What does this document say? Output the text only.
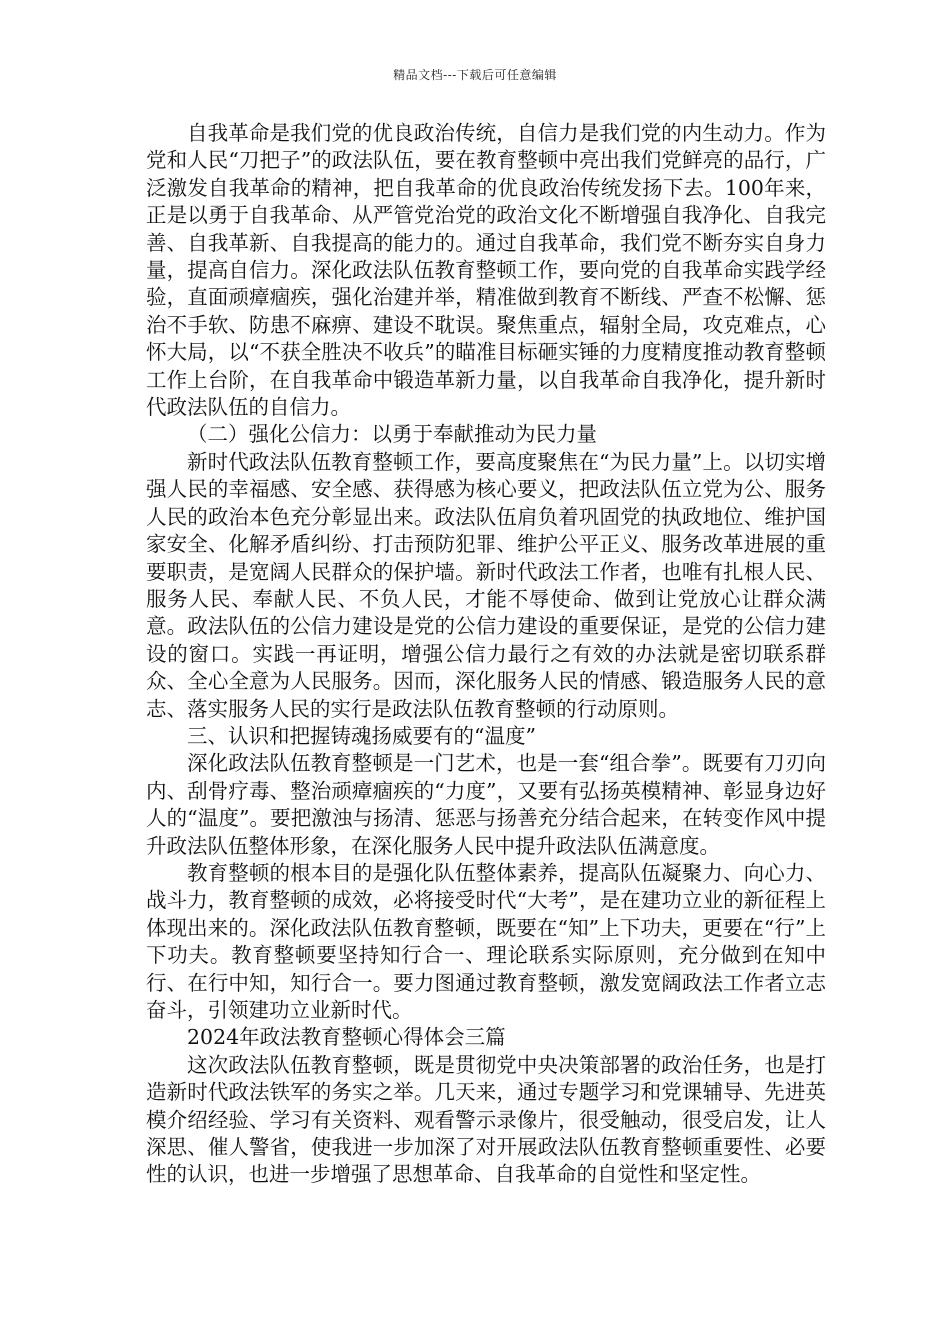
精品文档---下载后可任意编辑

自我革命是我们党的优良政治传统，自信力是我们党的内生动力。作为党和人民“刀把子”的政法队伍，要在教育整顿中亮出我们党鲜亮的品行，广泛激发自我革命的精神，把自我革命的优良政治传统发扬下去。100年来，正是以勇于自我革命、从严管党治党的政治文化不断增强自我净化、自我完善、自我革新、自我提高的能力的。通过自我革命，我们党不断夯实自身力量，提高自信力。深化政法队伍教育整顿工作，要向党的自我革命实践学经验，直面顽瘴痼疾，强化治建并举，精准做到教育不断线、严查不松懈、惩治不手软、防患不麻痹、建设不耽误。聚焦重点，辐射全局，攻克难点，心怀大局，以“不获全胜决不收兵”的瞄准目标砸实锤的力度精度推动教育整顿工作上台阶，在自我革命中锻造革新力量，以自我革命自我净化，提升新时代政法队伍的自信力。

（二）强化公信力：以勇于奉献推动为民力量

新时代政法队伍教育整顿工作，要高度聚焦在“为民力量”上。以切实增强人民的幸福感、安全感、获得感为核心要义，把政法队伍立党为公、服务人民的政治本色充分彰显出来。政法队伍肩负着巩固党的执政地位、维护国家安全、化解矛盾纠纷、打击预防犯罪、维护公平正义、服务改革进展的重要职责，是宽阔人民群众的保护墙。新时代政法工作者，也唯有扎根人民、服务人民、奉献人民、不负人民，才能不辱使命、做到让党放心让群众满意。政法队伍的公信力建设是党的公信力建设的重要保证，是党的公信力建设的窗口。实践一再证明，增强公信力最行之有效的办法就是密切联系群众、全心全意为人民服务。因而，深化服务人民的情感、锻造服务人民的意志、落实服务人民的实行是政法队伍教育整顿的行动原则。

三、认识和把握铸魂扬威要有的“温度”

深化政法队伍教育整顿是一门艺术，也是一套“组合拳”。既要有刀刃向内、刮骨疗毒、整治顽瘴痼疾的“力度”，又要有弘扬英模精神、彰显身边好人的“温度”。要把激浊与扬清、惩恶与扬善充分结合起来，在转变作风中提升政法队伍整体形象，在深化服务人民中提升政法队伍满意度。

教育整顿的根本目的是强化队伍整体素养，提高队伍凝聚力、向心力、战斗力，教育整顿的成效，必将接受时代“大考”，是在建功立业的新征程上体现出来的。深化政法队伍教育整顿，既要在“知”上下功夫，更要在“行”上下功夫。教育整顿要坚持知行合一、理论联系实际原则，充分做到在知中行、在行中知，知行合一。要力图通过教育整顿，激发宽阔政法工作者立志奋斗，引领建功立业新时代。

2024年政法教育整顿心得体会三篇

这次政法队伍教育整顿，既是贯彻党中央决策部署的政治任务，也是打造新时代政法铁军的务实之举。几天来，通过专题学习和党课辅导、先进英模介绍经验、学习有关资料、观看警示录像片，很受触动，很受启发，让人深思、催人警省，使我进一步加深了对开展政法队伍教育整顿重要性、必要性的认识，也进一步增强了思想革命、自我革命的自觉性和坚定性。
